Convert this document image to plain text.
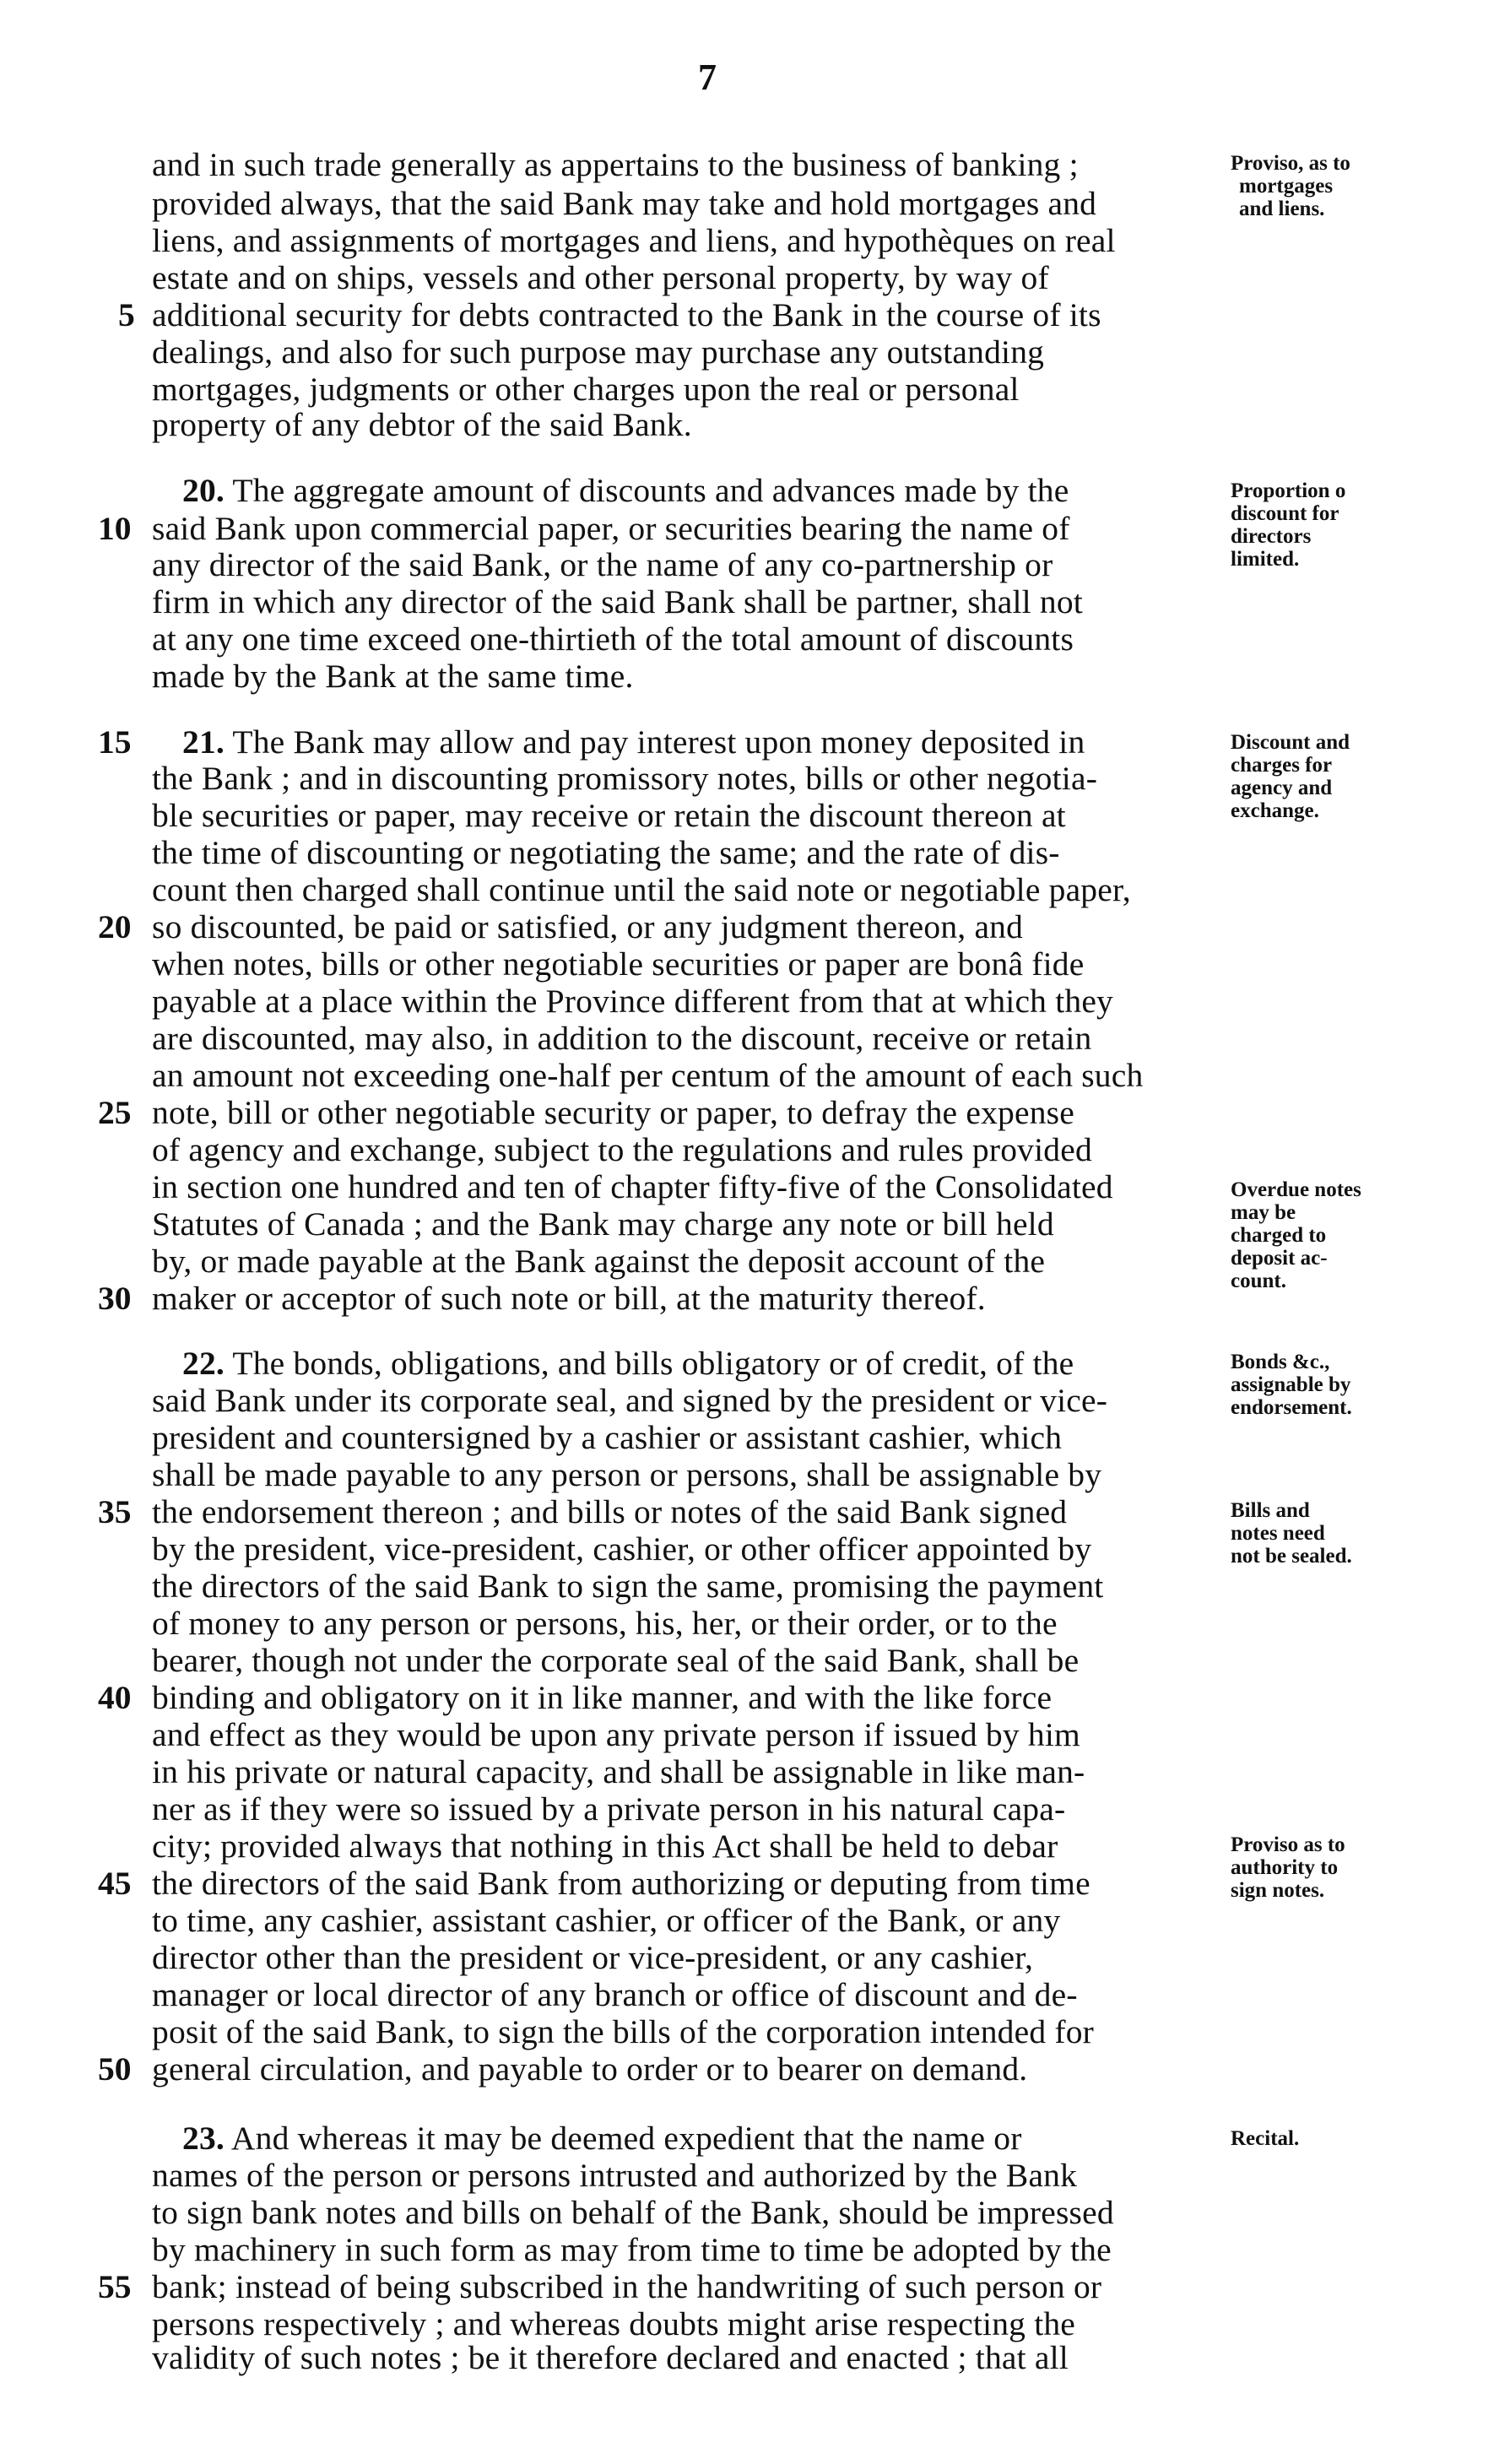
7
and in such trade generally as appertains to the business of banking ;
provided always, that the said Bank may take and hold mortgages and
liens, and assignments of mortgages and liens, and hypothèques on real
estate and on ships, vessels and other personal property, by way of
additional security for debts contracted to the Bank in the course of its
dealings, and also for such purpose may purchase any outstanding
mortgages, judgments or other charges upon the real or personal
property of any debtor of the said Bank.
20. The aggregate amount of discounts and advances made by the
said Bank upon commercial paper, or securities bearing the name of
any director of the said Bank, or the name of any co-partnership or
firm in which any director of the said Bank shall be partner, shall not
at any one time exceed one-thirtieth of the total amount of discounts
made by the Bank at the same time.
21. The Bank may allow and pay interest upon money deposited in
the Bank ; and in discounting promissory notes, bills or other negotia-
ble securities or paper, may receive or retain the discount thereon at
the time of discounting or negotiating the same; and the rate of dis-
count then charged shall continue until the said note or negotiable paper,
so discounted, be paid or satisfied, or any judgment thereon, and
when notes, bills or other negotiable securities or paper are bonâ fide
payable at a place within the Province different from that at which they
are discounted, may also, in addition to the discount, receive or retain
an amount not exceeding one-half per centum of the amount of each such
note, bill or other negotiable security or paper, to defray the expense
of agency and exchange, subject to the regulations and rules provided
in section one hundred and ten of chapter fifty-five of the Consolidated
Statutes of Canada ; and the Bank may charge any note or bill held
by, or made payable at the Bank against the deposit account of the
maker or acceptor of such note or bill, at the maturity thereof.
22. The bonds, obligations, and bills obligatory or of credit, of the
said Bank under its corporate seal, and signed by the president or vice-
president and countersigned by a cashier or assistant cashier, which
shall be made payable to any person or persons, shall be assignable by
the endorsement thereon ; and bills or notes of the said Bank signed
by the president, vice-president, cashier, or other officer appointed by
the directors of the said Bank to sign the same, promising the payment
of money to any person or persons, his, her, or their order, or to the
bearer, though not under the corporate seal of the said Bank, shall be
binding and obligatory on it in like manner, and with the like force
and effect as they would be upon any private person if issued by him
in his private or natural capacity, and shall be assignable in like man-
ner as if they were so issued by a private person in his natural capa-
city; provided always that nothing in this Act shall be held to debar
the directors of the said Bank from authorizing or deputing from time
to time, any cashier, assistant cashier, or officer of the Bank, or any
director other than the president or vice-president, or any cashier,
manager or local director of any branch or office of discount and de-
posit of the said Bank, to sign the bills of the corporation intended for
general circulation, and payable to order or to bearer on demand.
23. And whereas it may be deemed expedient that the name or
names of the person or persons intrusted and authorized by the Bank
to sign bank notes and bills on behalf of the Bank, should be impressed
by machinery in such form as may from time to time be adopted by the
bank; instead of being subscribed in the handwriting of such person or
persons respectively ; and whereas doubts might arise respecting the
validity of such notes ; be it therefore declared and enacted ; that all
5
10
15
20
25
30
35
40
45
50
55
Proviso, as to
mortgages
and liens.
Proportion o
discount for
directors
limited.
Discount and
charges for
agency and
exchange.
Overdue notes
may be
charged to
deposit ac-
count.
Bonds &c.,
assignable by
endorsement.
Bills and
notes need
not be sealed.
Proviso as to
authority to
sign notes.
Recital.
